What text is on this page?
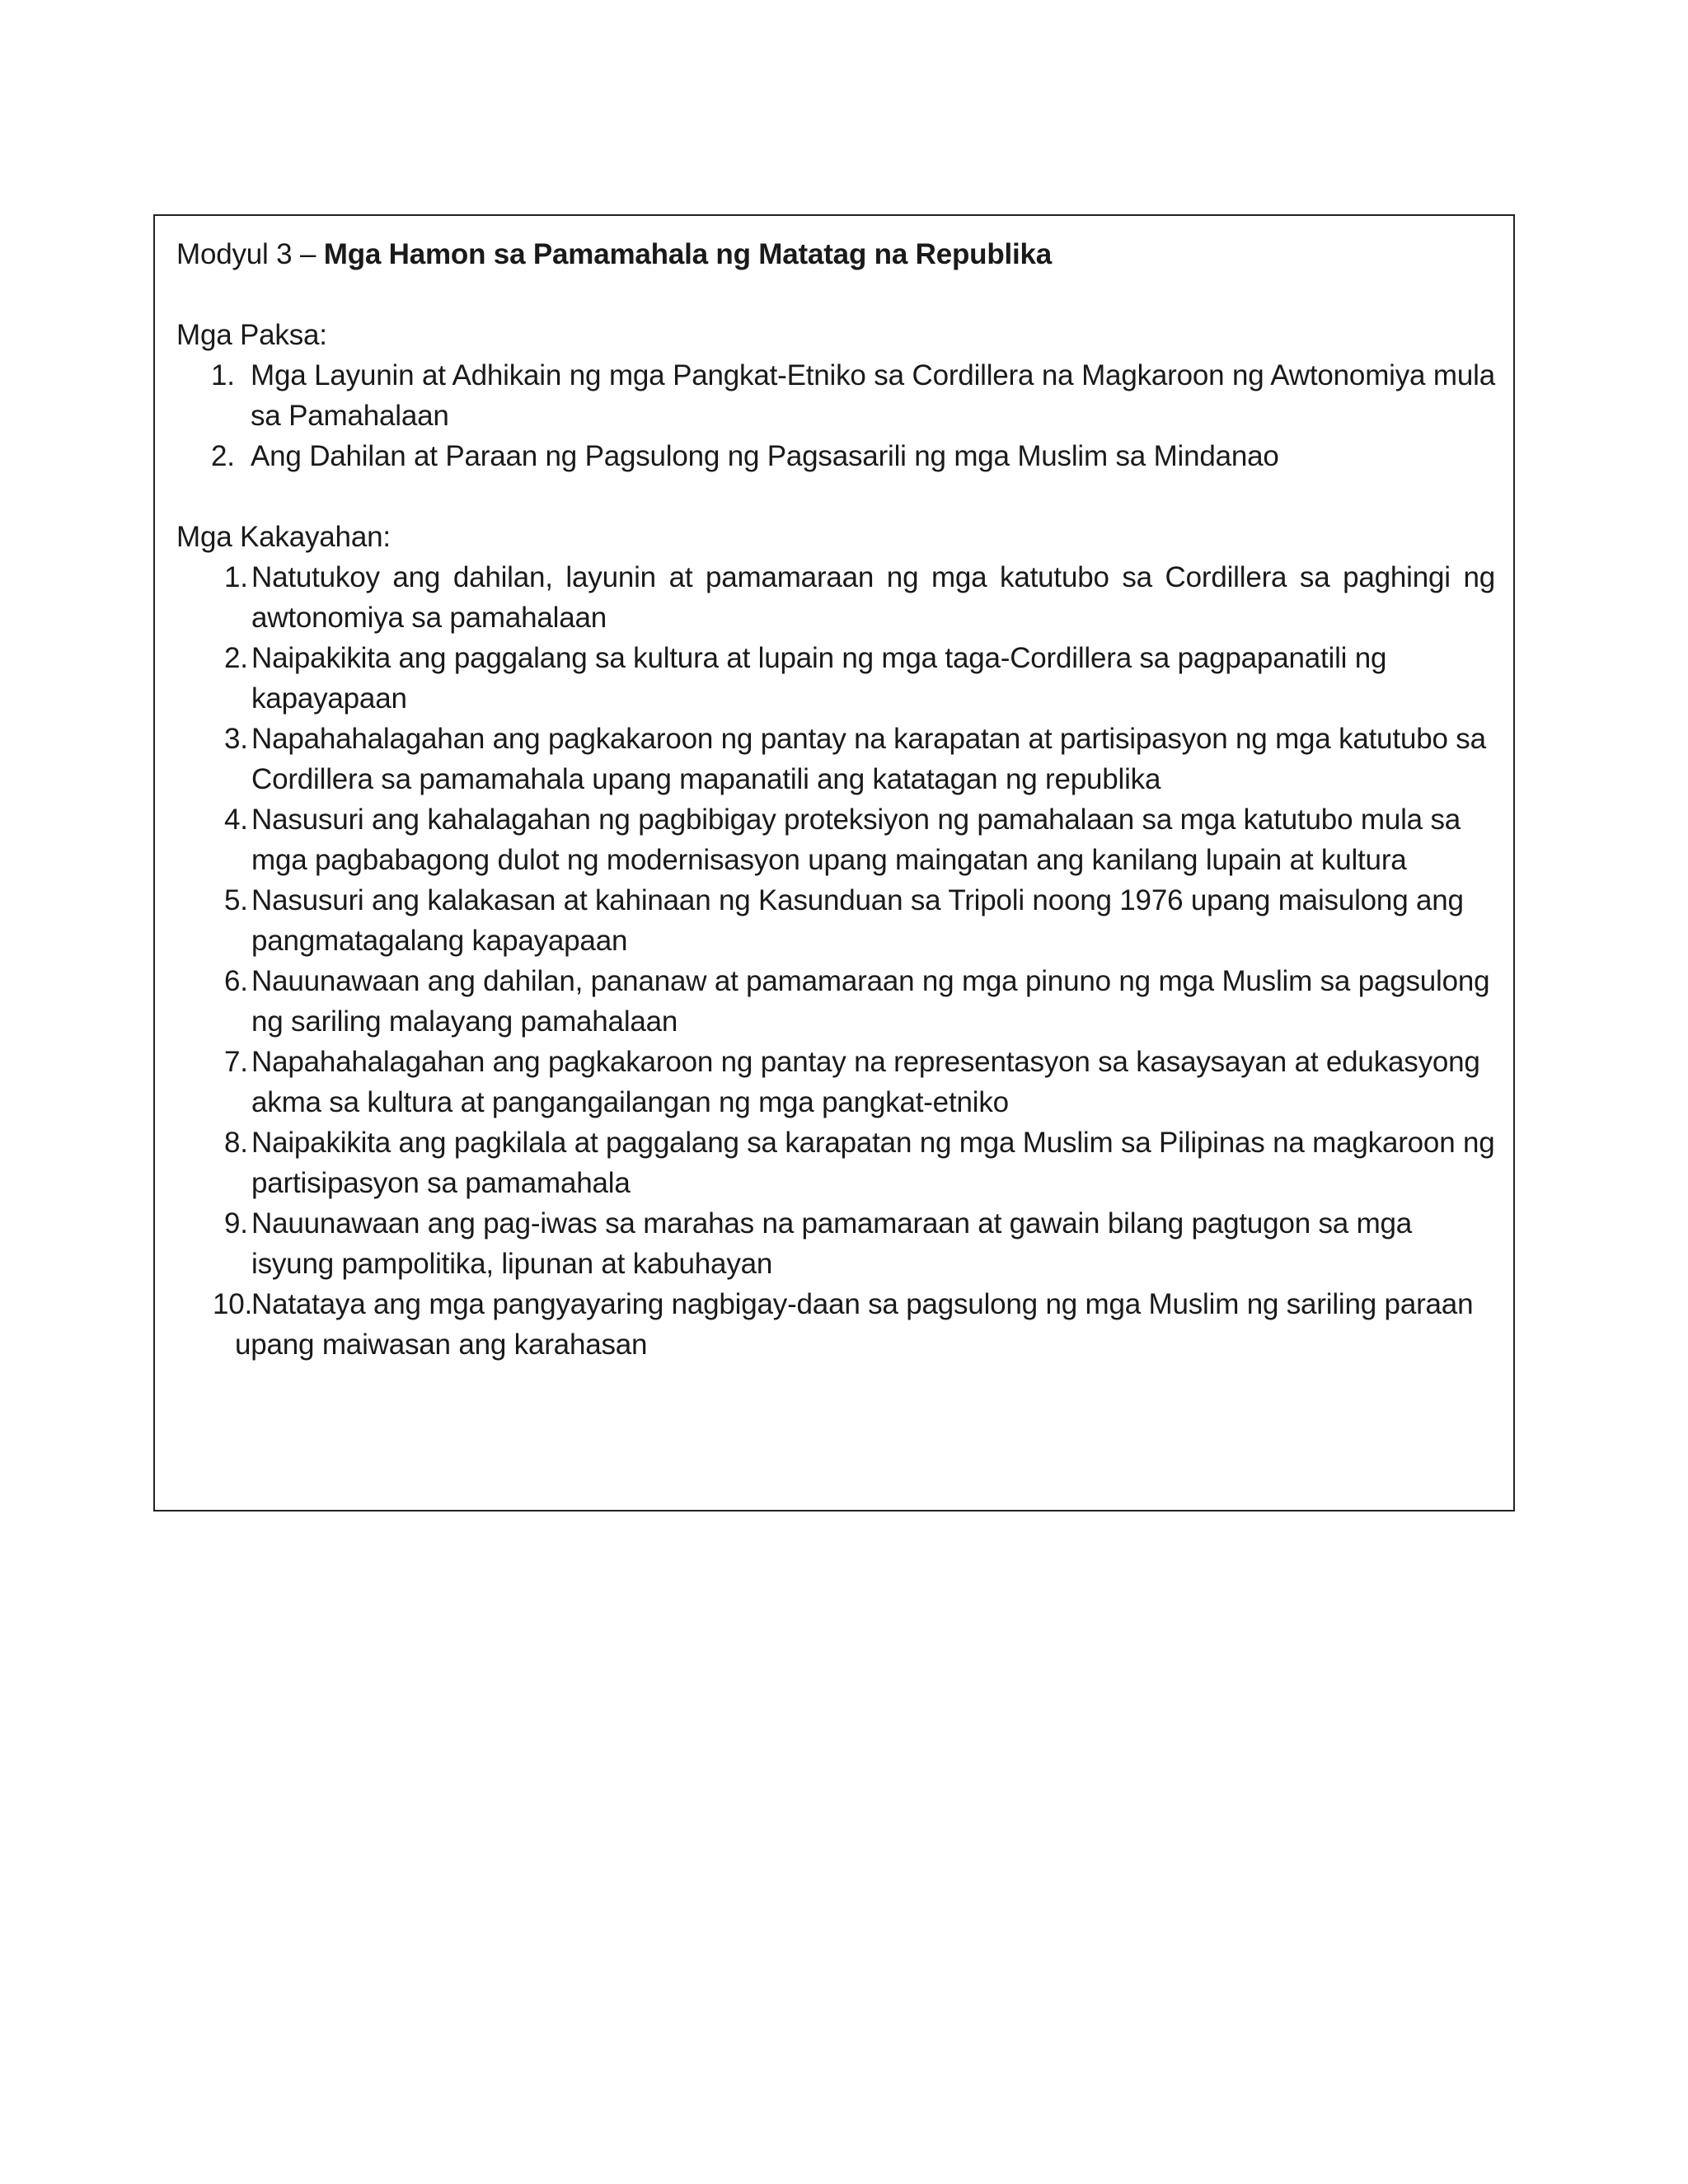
Modyul 3 – Mga Hamon sa Pamamahala ng Matatag na Republika

Mga Paksa:

1. Mga Layunin at Adhikain ng mga Pangkat-Etniko sa Cordillera na Magkaroon ng Awtonomiya mula sa Pamahalaan
2. Ang Dahilan at Paraan ng Pagsulong ng Pagsasarili ng mga Muslim sa Mindanao

Mga Kakayahan:

1. Natutukoy ang dahilan, layunin at pamamaraan ng mga katutubo sa Cordillera sa paghingi ng awtonomiya sa pamahalaan
2. Naipakikita ang paggalang sa kultura at lupain ng mga taga-Cordillera sa pagpapanatili ng kapayapaan
3. Napahahalagahan ang pagkakaroon ng pantay na karapatan at partisipasyon ng mga katutubo sa Cordillera sa pamamahala upang mapanatili ang katatagan ng republika
4. Nasusuri ang kahalagahan ng pagbibigay proteksiyon ng pamahalaan sa mga katutubo mula sa mga pagbabagong dulot ng modernisasyon upang maingatan ang kanilang lupain at kultura
5. Nasusuri ang kalakasan at kahinaan ng Kasunduan sa Tripoli noong 1976 upang maisulong ang pangmatagalang kapayapaan
6. Nauunawaan ang dahilan, pananaw at pamamaraan ng mga pinuno ng mga Muslim sa pagsulong ng sariling malayang pamahalaan
7. Napahahalagahan ang pagkakaroon ng pantay na representasyon sa kasaysayan at edukasyong akma sa kultura at pangangailangan ng mga pangkat-etniko
8. Naipakikita ang pagkilala at paggalang sa karapatan ng mga Muslim sa Pilipinas na magkaroon ng partisipasyon sa pamamahala
9. Nauunawaan ang pag-iwas sa marahas na pamamaraan at gawain bilang pagtugon sa mga isyung pampolitika, lipunan at kabuhayan
10.
Natataya ang mga pangyayaring nagbigay-daan sa pagsulong ng mga Muslim ng sariling paraan upang maiwasan ang karahasan
